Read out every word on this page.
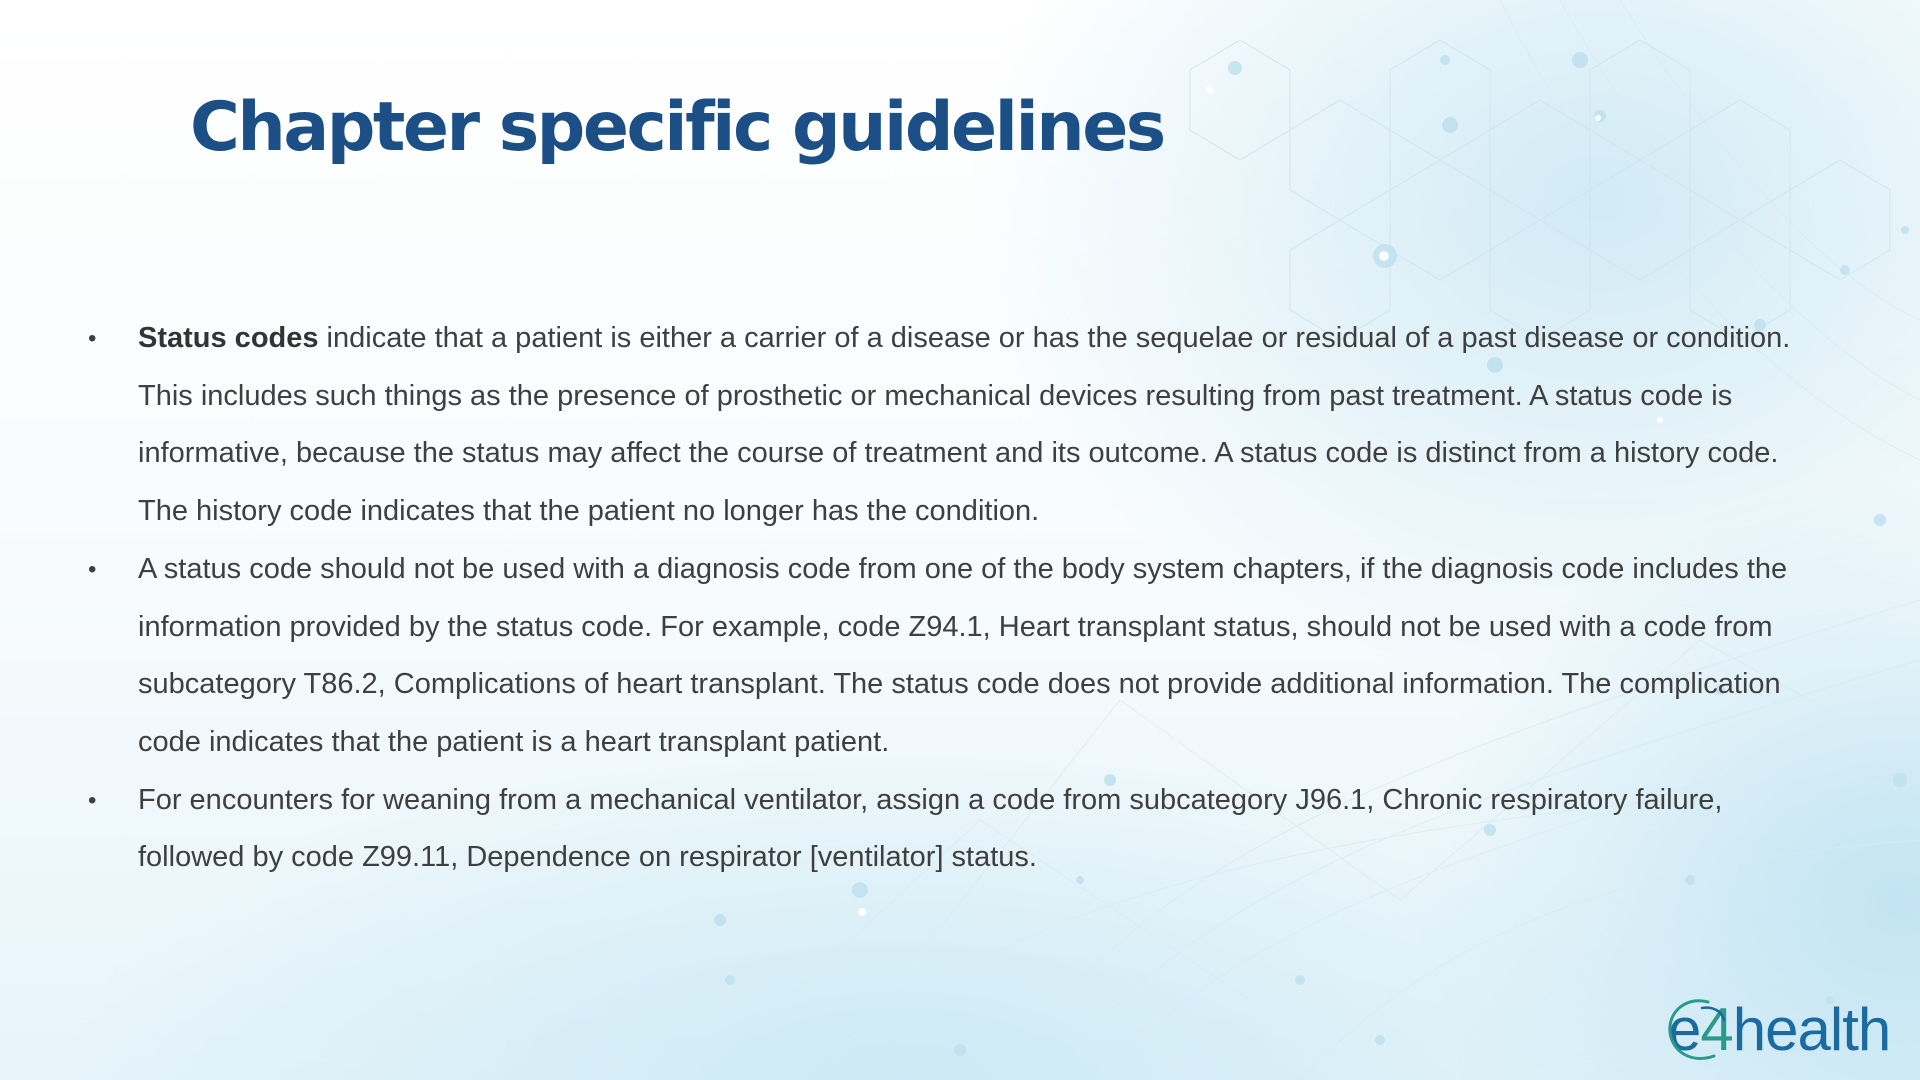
Chapter specific guidelines
• Status codes indicate that a patient is either a carrier of a disease or has the sequelae or residual of a past disease or condition. This includes such things as the presence of prosthetic or mechanical devices resulting from past treatment. A status code is informative, because the status may affect the course of treatment and its outcome. A status code is distinct from a history code. The history code indicates that the patient no longer has the condition.
• A status code should not be used with a diagnosis code from one of the body system chapters, if the diagnosis code includes the information provided by the status code. For example, code Z94.1, Heart transplant status, should not be used with a code from subcategory T86.2, Complications of heart transplant. The status code does not provide additional information. The complication code indicates that the patient is a heart transplant patient.
• For encounters for weaning from a mechanical ventilator, assign a code from subcategory J96.1, Chronic respiratory failure, followed by code Z99.11, Dependence on respirator [ventilator] status.
e 4 health
